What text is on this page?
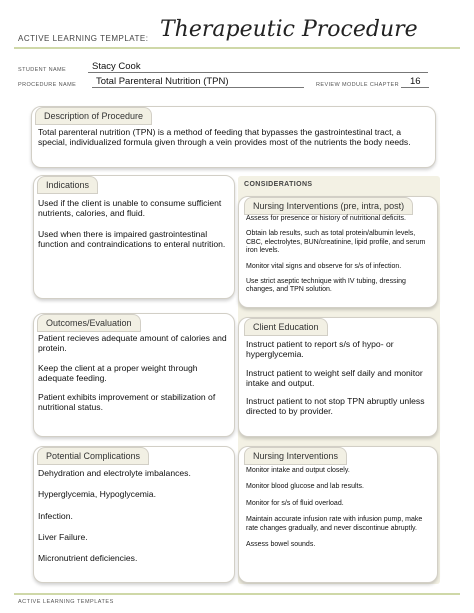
ACTIVE LEARNING TEMPLATE: Therapeutic Procedure
STUDENT NAME	Stacy Cook
PROCEDURE NAME Total Parenteral Nutrition (TPN)	REVIEW MODULE CHAPTER 16
Description of Procedure
Total parenteral nutrition (TPN) is a method of feeding that bypasses the gastrointestinal tract, a special, individualized formula given through a vein provides most of the nutrients the body needs.
CONSIDERATIONS
Indications

Used if the client is unable to consume sufficient nutrients, calories, and fluid.

Used when there is impaired gastrointestinal function and contraindications to enteral nutrition.

Nursing Interventions (pre, intra, post)

Assess for presence or history of nutritional deficits.

Obtain lab results, such as total protein/albumin levels, CBC, electrolytes, BUN/creatinine, lipid profile, and serum iron levels.

Monitor vital signs and observe for s/s of infection.

Use strict aseptic technique with IV tubing, dressing changes, and TPN solution.

Outcomes/Evaluation

Patient recieves adequate amount of calories and protein.

Keep the client at a proper weight through adequate feeding.

Patient exhibits improvement or stabilization of nutritional status.

Client Education

Instruct patient to report s/s of hypo- or hyperglycemia.

Instruct patient to weight self daily and monitor intake and output.

Instruct patient to not stop TPN abruptly unless directed to by provider.

Potential Complications

Dehydration and electrolyte imbalances.

Hyperglycemia, Hypoglycemia.

Infection.

Liver Failure.

Micronutrient deficiencies.

Nursing Interventions

Monitor intake and output closely.

Monitor blood glucose and lab results.

Monitor for s/s of fluid overload.

Maintain accurate infusion rate with infusion pump, make rate changes gradually, and never discontinue abruptly.

Assess bowel sounds.

ACTIVE LEARNING TEMPLATES
